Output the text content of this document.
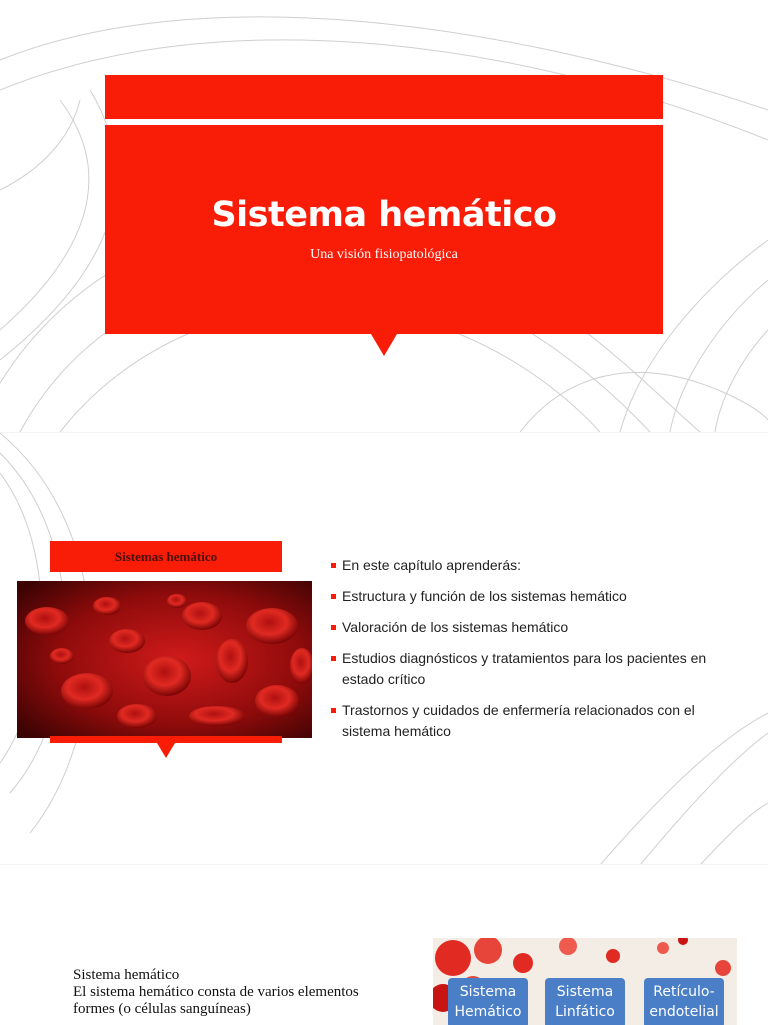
Sistema hemático
Una visión fisiopatológica
Sistemas hemático
En este capítulo aprenderás:
Estructura y función de los sistemas hemático
Valoración de los sistemas hemático
Estudios diagnósticos y tratamientos para los pacientes en estado crítico
Trastornos y cuidados de enfermería relacionados con el sistema hemático
Sistema hemático
El sistema hemático consta de varios elementos
formes (o células sanguíneas)
Sistema
Hemático
Sistema
Linfático
Retículo-
endotelial
